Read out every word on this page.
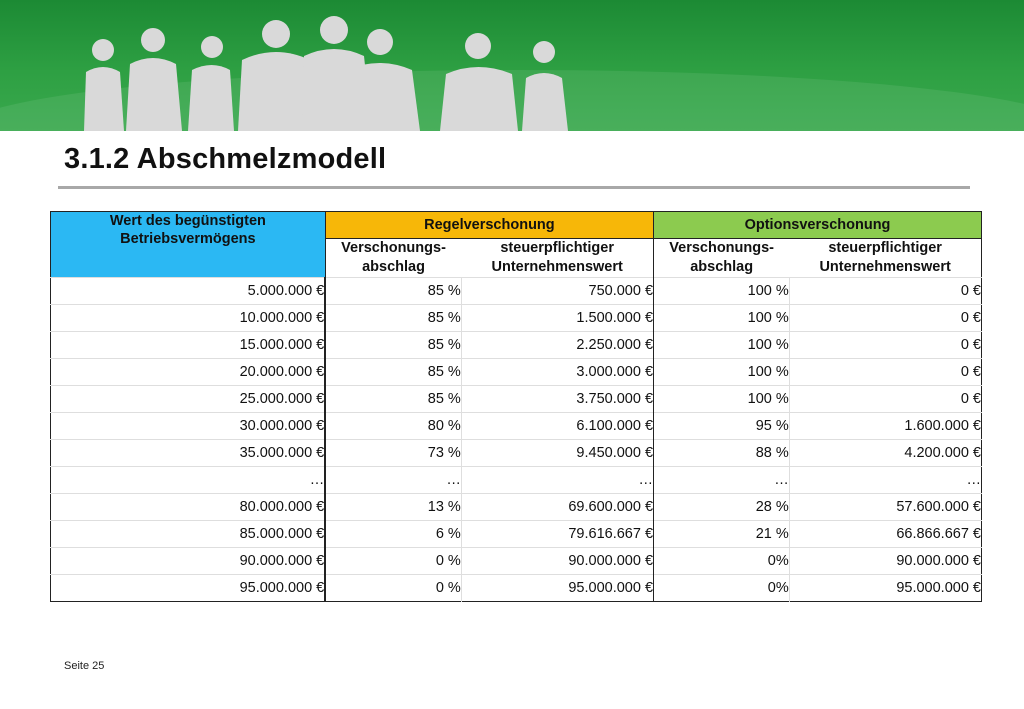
3.1.2 Abschmelzmodell
Wert des begünstigten Betriebsvermögens	Regelverschonung		Optionsverschonung	
	Verschonungs-abschlag	steuerpflichtiger Unternehmenswert	Verschonungs-abschlag	steuerpflichtiger Unternehmenswert
5.000.000 €	85 %	750.000 €	100 %	0 €
10.000.000 €	85 %	1.500.000 €	100 %	0 €
15.000.000 €	85 %	2.250.000 €	100 %	0 €
20.000.000 €	85 %	3.000.000 €	100 %	0 €
25.000.000 €	85 %	3.750.000 €	100 %	0 €
30.000.000 €	80 %	6.100.000 €	95 %	1.600.000 €
35.000.000 €	73 %	9.450.000 €	88 %	4.200.000 €
…	…	…	…	…
80.000.000 €	13 %	69.600.000 €	28 %	57.600.000 €
85.000.000 €	6 %	79.616.667 €	21 %	66.866.667 €
90.000.000 €	0 %	90.000.000 €	0%	90.000.000 €
95.000.000 €	0 %	95.000.000 €	0%	95.000.000 €
Seite 25
